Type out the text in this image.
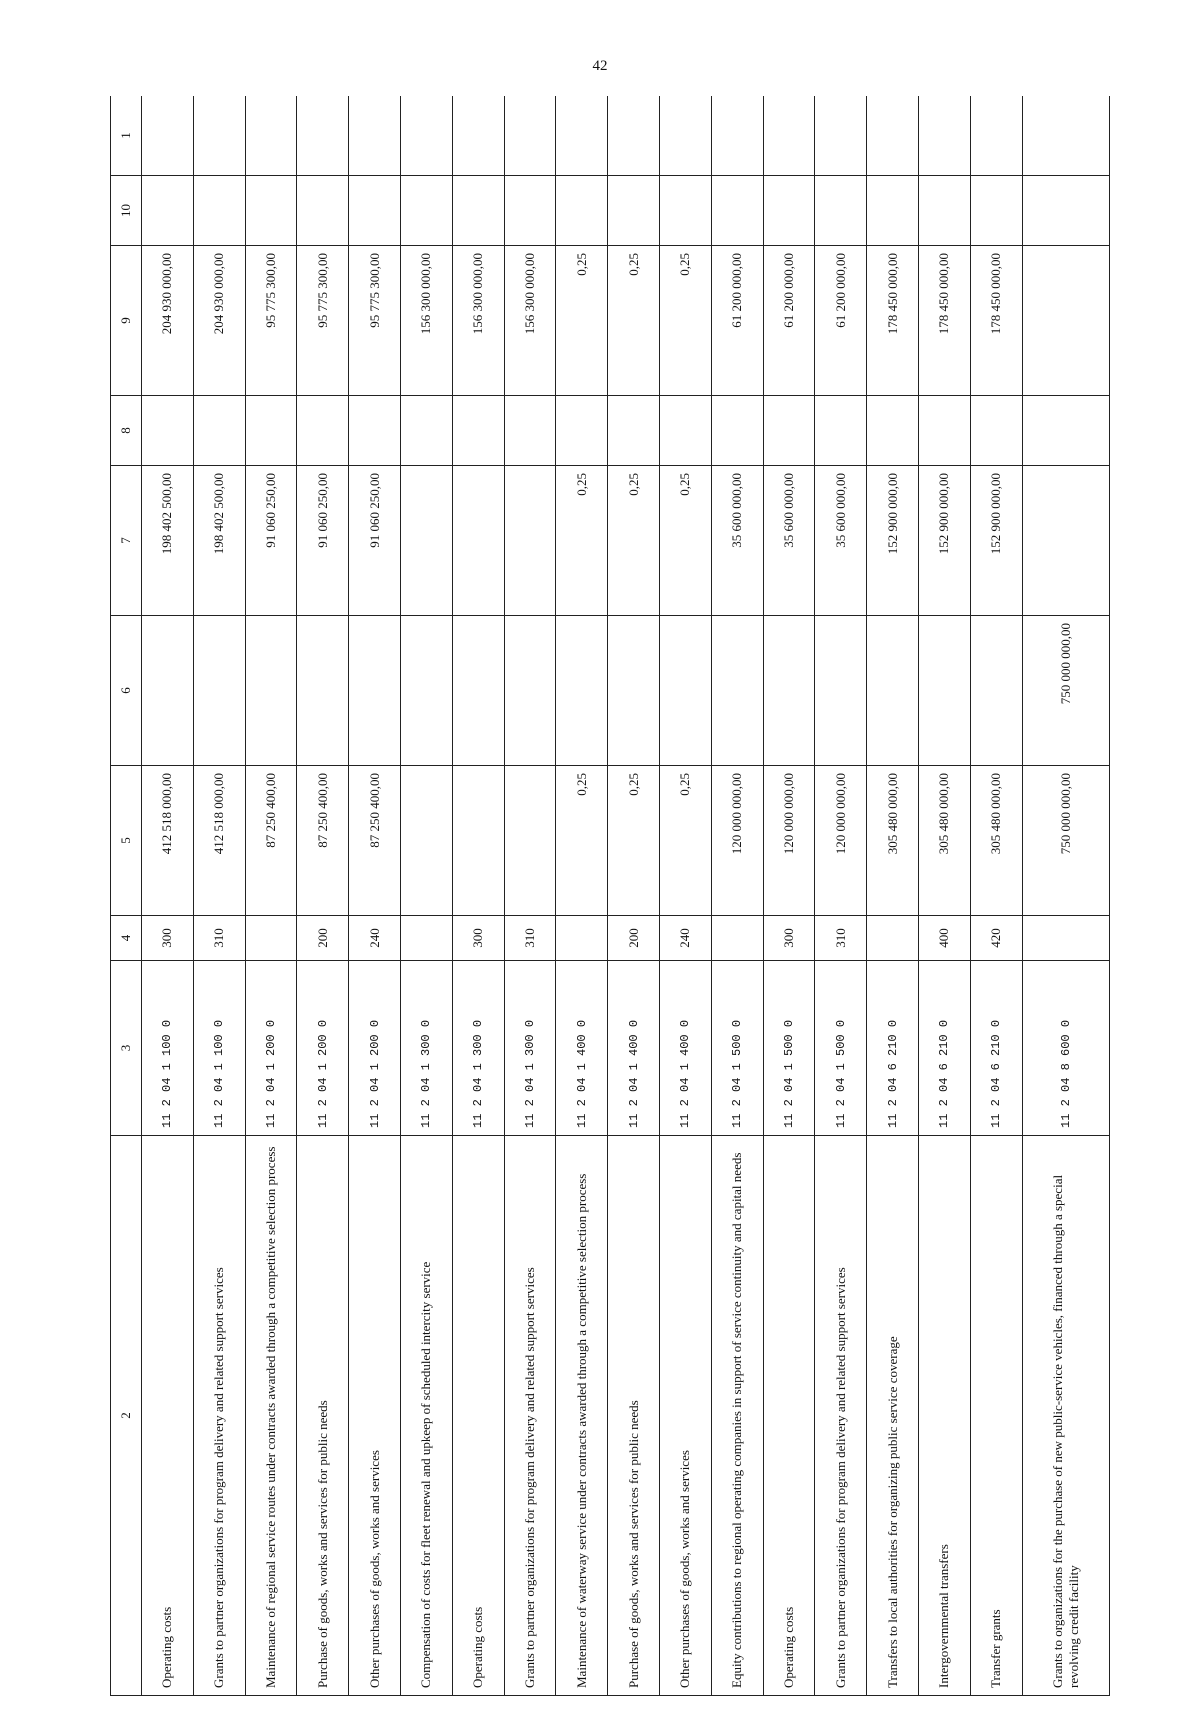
42
2	3	4	5	6	7	8	9	10	1
Operating costs	11 2 04 1 100 0	300	412 518 000,00		198 402 500,00		204 930 000,00		
Grants to partner organizations for program delivery and related support services	11 2 04 1 100 0	310	412 518 000,00		198 402 500,00		204 930 000,00		
Maintenance of regional service routes under contracts awarded through a competitive selection process	11 2 04 1 200 0		87 250 400,00		91 060 250,00		95 775 300,00		
Purchase of goods, works and services for public needs	11 2 04 1 200 0	200	87 250 400,00		91 060 250,00		95 775 300,00		
Other purchases of goods, works and services	11 2 04 1 200 0	240	87 250 400,00		91 060 250,00		95 775 300,00		
Compensation of costs for fleet renewal and upkeep of scheduled intercity service	11 2 04 1 300 0						156 300 000,00		
Operating costs	11 2 04 1 300 0	300					156 300 000,00		
Grants to partner organizations for program delivery and related support services	11 2 04 1 300 0	310					156 300 000,00		
Maintenance of waterway service under contracts awarded through a competitive selection process	11 2 04 1 400 0		0,25		0,25		0,25		
Purchase of goods, works and services for public needs	11 2 04 1 400 0	200	0,25		0,25		0,25		
Other purchases of goods, works and services	11 2 04 1 400 0	240	0,25		0,25		0,25		
Equity contributions to regional operating companies in support of service continuity and capital needs	11 2 04 1 500 0		120 000 000,00		35 600 000,00		61 200 000,00		
Operating costs	11 2 04 1 500 0	300	120 000 000,00		35 600 000,00		61 200 000,00		
Grants to partner organizations for program delivery and related support services	11 2 04 1 500 0	310	120 000 000,00		35 600 000,00		61 200 000,00		
Transfers to local authorities for organizing public service coverage	11 2 04 6 210 0		305 480 000,00		152 900 000,00		178 450 000,00		
Intergovernmental transfers	11 2 04 6 210 0	400	305 480 000,00		152 900 000,00		178 450 000,00		
Transfer grants	11 2 04 6 210 0	420	305 480 000,00		152 900 000,00		178 450 000,00		
Grants to organizations for the purchase of new public-service vehicles, financed through a special revolving credit facility	11 2 04 8 600 0		750 000 000,00	750 000 000,00					
